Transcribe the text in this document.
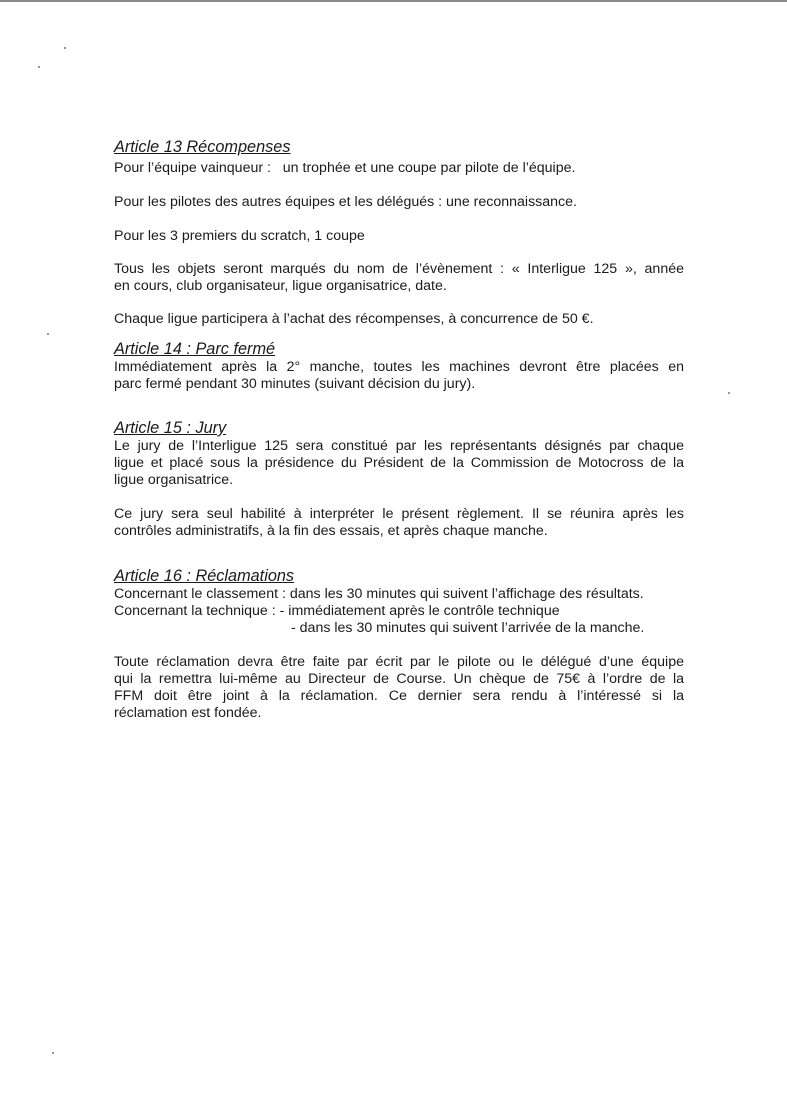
Article 13 Récompenses

Pour l’équipe vainqueur :   un trophée et une coupe par pilote de l’équipe.

Pour les pilotes des autres équipes et les délégués : une reconnaissance.

Pour les 3 premiers du scratch, 1 coupe

Tous les objets seront marqués du nom de l’évènement : « Interligue 125 », année

en cours, club organisateur, ligue organisatrice, date.

Chaque ligue participera à l’achat des récompenses, à concurrence de 50 €.

Article 14 : Parc fermé

Immédiatement après la 2° manche, toutes les machines devront être placées en

parc fermé pendant 30 minutes (suivant décision du jury).

Article 15 : Jury

Le jury de l’Interligue 125 sera constitué par les représentants désignés par chaque

ligue et placé sous la présidence du Président de la Commission de Motocross de la

ligue organisatrice.

Ce jury sera seul habilité à interpréter le présent règlement. Il se réunira après les

contrôles administratifs, à la fin des essais, et après chaque manche.

Article 16 : Réclamations
Concernant le classement : dans les 30 minutes qui suivent l’affichage des résultats.
Concernant la technique : - immédiatement après le contrôle technique

- dans les 30 minutes qui suivent l’arrivée de la manche.

Toute réclamation devra être faite par écrit par le pilote ou le délégué d’une équipe

qui la remettra lui-même au Directeur de Course. Un chèque de 75€ à l’ordre de la

FFM doit être joint à la réclamation. Ce dernier sera rendu à l’intéressé si la

réclamation est fondée.
